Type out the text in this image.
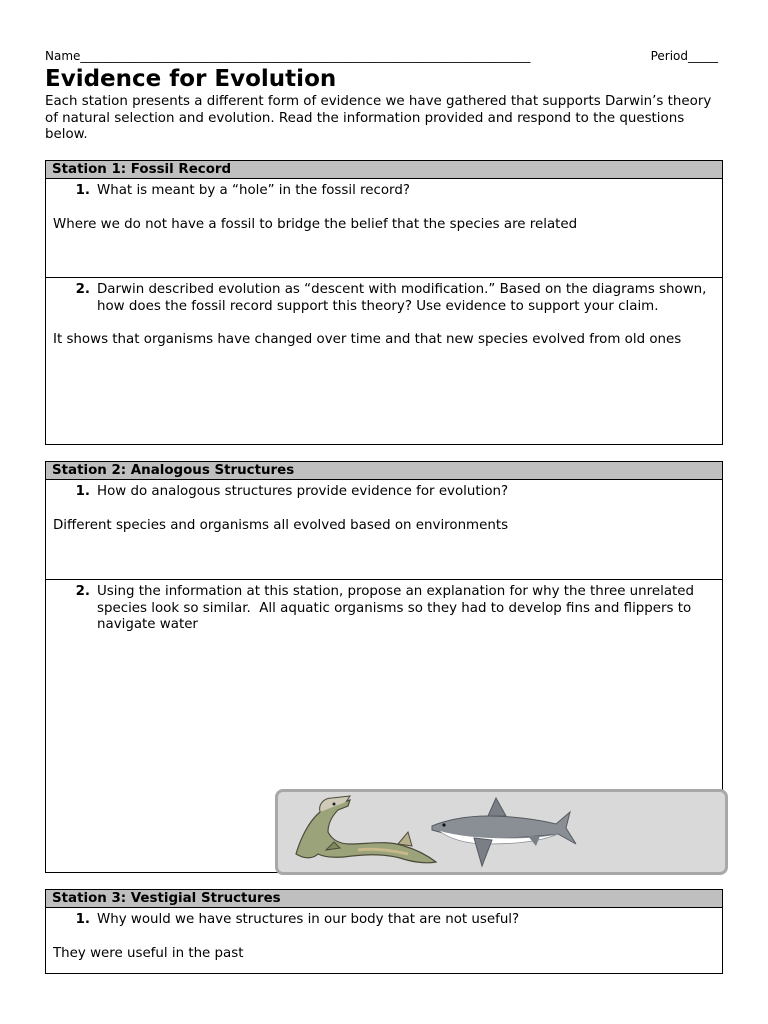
Name___________________________________________________________________________	Period_____
Evidence for Evolution
Each station presents a different form of evidence we have gathered that supports Darwin’s theory of natural selection and evolution. Read the information provided and respond to the questions below.
Station 1: Fossil Record
1. What is meant by a “hole” in the fossil record?
Where we do not have a fossil to bridge the belief that the species are related
2. Darwin described evolution as “descent with modification.” Based on the diagrams shown, how does the fossil record support this theory? Use evidence to support your claim.
It shows that organisms have changed over time and that new species evolved from old ones
Station 2: Analogous Structures
1. How do analogous structures provide evidence for evolution?
Different species and organisms all evolved based on environments
2. Using the information at this station, propose an explanation for why the three unrelated species look so similar. All aquatic organisms so they had to develop fins and flippers to navigate water
Station 3: Vestigial Structures
1. Why would we have structures in our body that are not useful?
They were useful in the past
